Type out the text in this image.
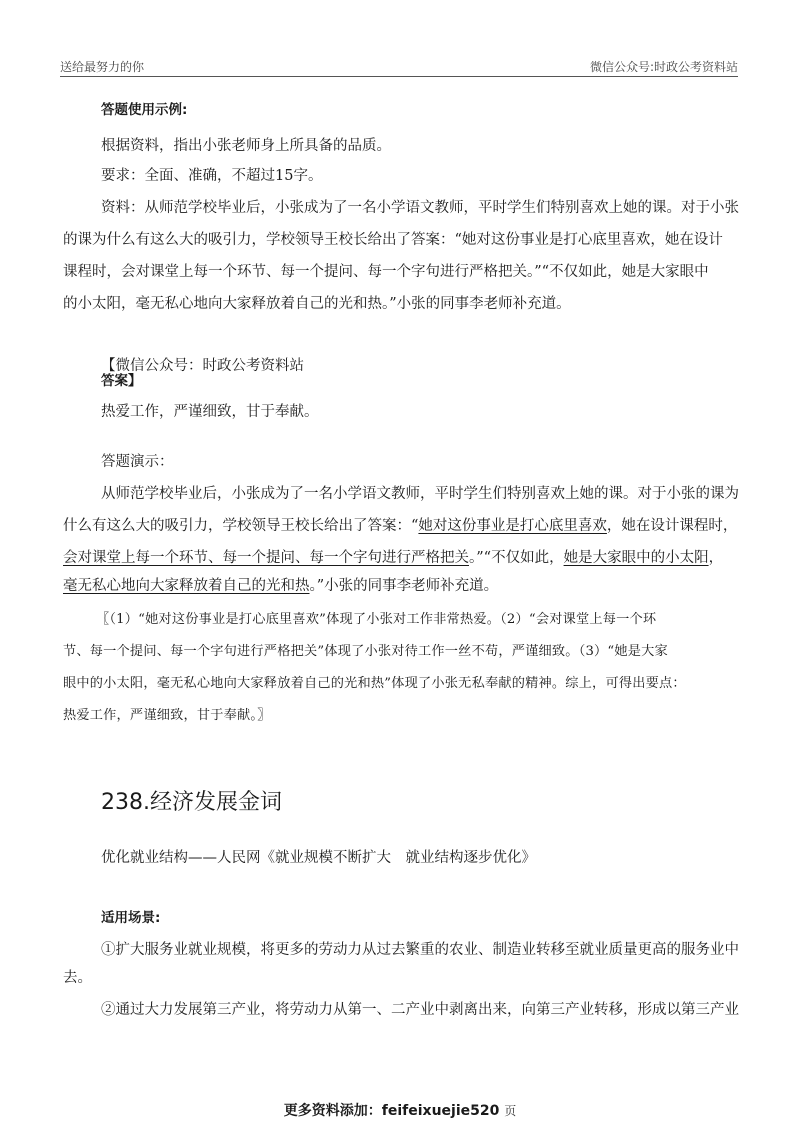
送给最努力的你	微信公众号:时政公考资料站
答题使用示例:
根据资料，指出小张老师身上所具备的品质。
要求：全面、准确，不超过15字。
资料：从师范学校毕业后，小张成为了一名小学语文教师，平时学生们特别喜欢上她的课。对于小张
的课为什么有这么大的吸引力，学校领导王校长给出了答案：“她对这份事业是打心底里喜欢，她在设计
课程时，会对课堂上每一个环节、每一个提问、每一个字句进行严格把关。”“不仅如此，她是大家眼中
的小太阳，毫无私心地向大家释放着自己的光和热。”小张的同事李老师补充道。
【微信公众号：时政公考资料站
答案】
热爱工作，严谨细致，甘于奉献。
答题演示：
从师范学校毕业后，小张成为了一名小学语文教师，平时学生们特别喜欢上她的课。对于小张的课为
什么有这么大的吸引力，学校领导王校长给出了答案：“她对这份事业是打心底里喜欢，她在设计课程时，
会对课堂上每一个环节、每一个提问、每一个字句进行严格把关。”“不仅如此，她是大家眼中的小太阳，
毫无私心地向大家释放着自己的光和热。”小张的同事李老师补充道。
〖（1）“她对这份事业是打心底里喜欢”体现了小张对工作非常热爱。（2）“会对课堂上每一个环
节、每一个提问、每一个字句进行严格把关”体现了小张对待工作一丝不苟，严谨细致。（3）“她是大家
眼中的小太阳，毫无私心地向大家释放着自己的光和热”体现了小张无私奉献的精神。综上，可得出要点：
热爱工作，严谨细致，甘于奉献。〗
238.经济发展金词
优化就业结构——人民网《就业规模不断扩大　就业结构逐步优化》
适用场景:
①扩大服务业就业规模，将更多的劳动力从过去繁重的农业、制造业转移至就业质量更高的服务业中
去。
②通过大力发展第三产业，将劳动力从第一、二产业中剥离出来，向第三产业转移，形成以第三产业
更多资料添加：feifeixuejie520 页
